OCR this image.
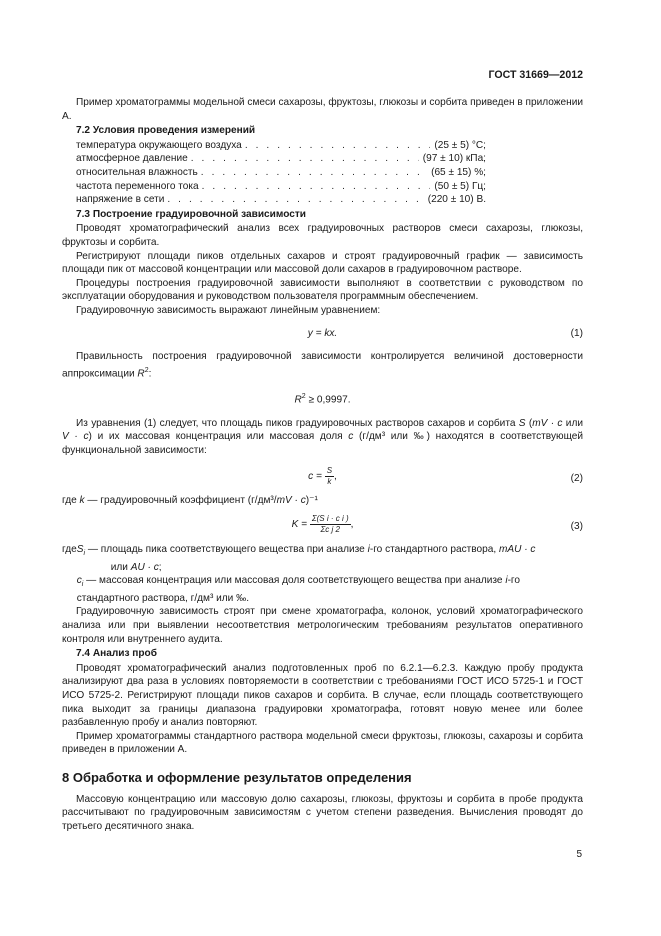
ГОСТ 31669—2012

Пример хроматограммы модельной смеси сахарозы, фруктозы, глюкозы и сорбита приведен в приложении А.

7.2 Условия проведения измерений
температура окружающего воздуха . . .	(25 ± 5) °С;
атмосферное давление . . .	(97 ± 10) кПа;
относительная влажность . . .	(65 ± 15) %;
частота переменного тока . . .	(50 ± 5) Гц;
напряжение в сети . . .	(220 ± 10) В.
7.3 Построение градуировочной зависимости

Проводят хроматографический анализ всех градуировочных растворов смеси сахарозы, глюкозы, фруктозы и сорбита.

Регистрируют площади пиков отдельных сахаров и строят градуировочный график — зависимость площади пик от массовой концентрации или массовой доли сахаров в градуировочном растворе.

Процедуры построения градуировочной зависимости выполняют в соответствии с руководством по эксплуатации оборудования и руководством пользователя программным обеспечением.

Градуировочную зависимость выражают линейным уравнением:

y = kx.	(1)

Правильность построения градуировочной зависимости контролируется величиной достоверности аппроксимации $R^2$:

$R^2 \ge 0,9997$.

Из уравнения (1) следует, что площадь пиков градуировочных растворов сахаров и сорбита S (mV · c или V · c) и их массовая концентрация или массовая доля c (г/дм³ или ‰) находятся в соответствующей функциональной зависимости:

$c = \frac{S}{k}$ ,	(2)

где k — градуировочный коэффициент (г/дм³/mV · c)⁻¹

$K = \frac{\text{Σ(S i · c i )}}{\text{Σc j 2}}$ ,	(3)
где $S_i$ — площадь пика соответствующего вещества при анализе i-го стандартного раствора, mAU · c
или AU · c;
$c_i$ — массовая концентрация или массовая доля соответствующего вещества при анализе i-го стандартного раствора, г/дм³ или ‰.

Градуировочную зависимость строят при смене хроматографа, колонок, условий хроматографического анализа или при выявлении несоответствия метрологическим требованиям результатов оперативного контроля или внутреннего аудита.

7.4 Анализ проб

Проводят хроматографический анализ подготовленных проб по 6.2.1—6.2.3. Каждую пробу продукта анализируют два раза в условиях повторяемости в соответствии с требованиями ГОСТ ИСО 5725-1 и ГОСТ ИСО 5725-2. Регистрируют площади пиков сахаров и сорбита. В случае, если площадь соответствующего пика выходит за границы диапазона градуировки хроматографа, готовят новую менее или более разбавленную пробу и анализ повторяют.

Пример хроматограммы стандартного раствора модельной смеси фруктозы, глюкозы, сахарозы и сорбита приведен в приложении А.

8 Обработка и оформление результатов определения

Массовую концентрацию или массовую долю сахарозы, глюкозы, фруктозы и сорбита в пробе продукта рассчитывают по градуировочным зависимостям с учетом степени разведения. Вычисления проводят до третьего десятичного знака.

5
